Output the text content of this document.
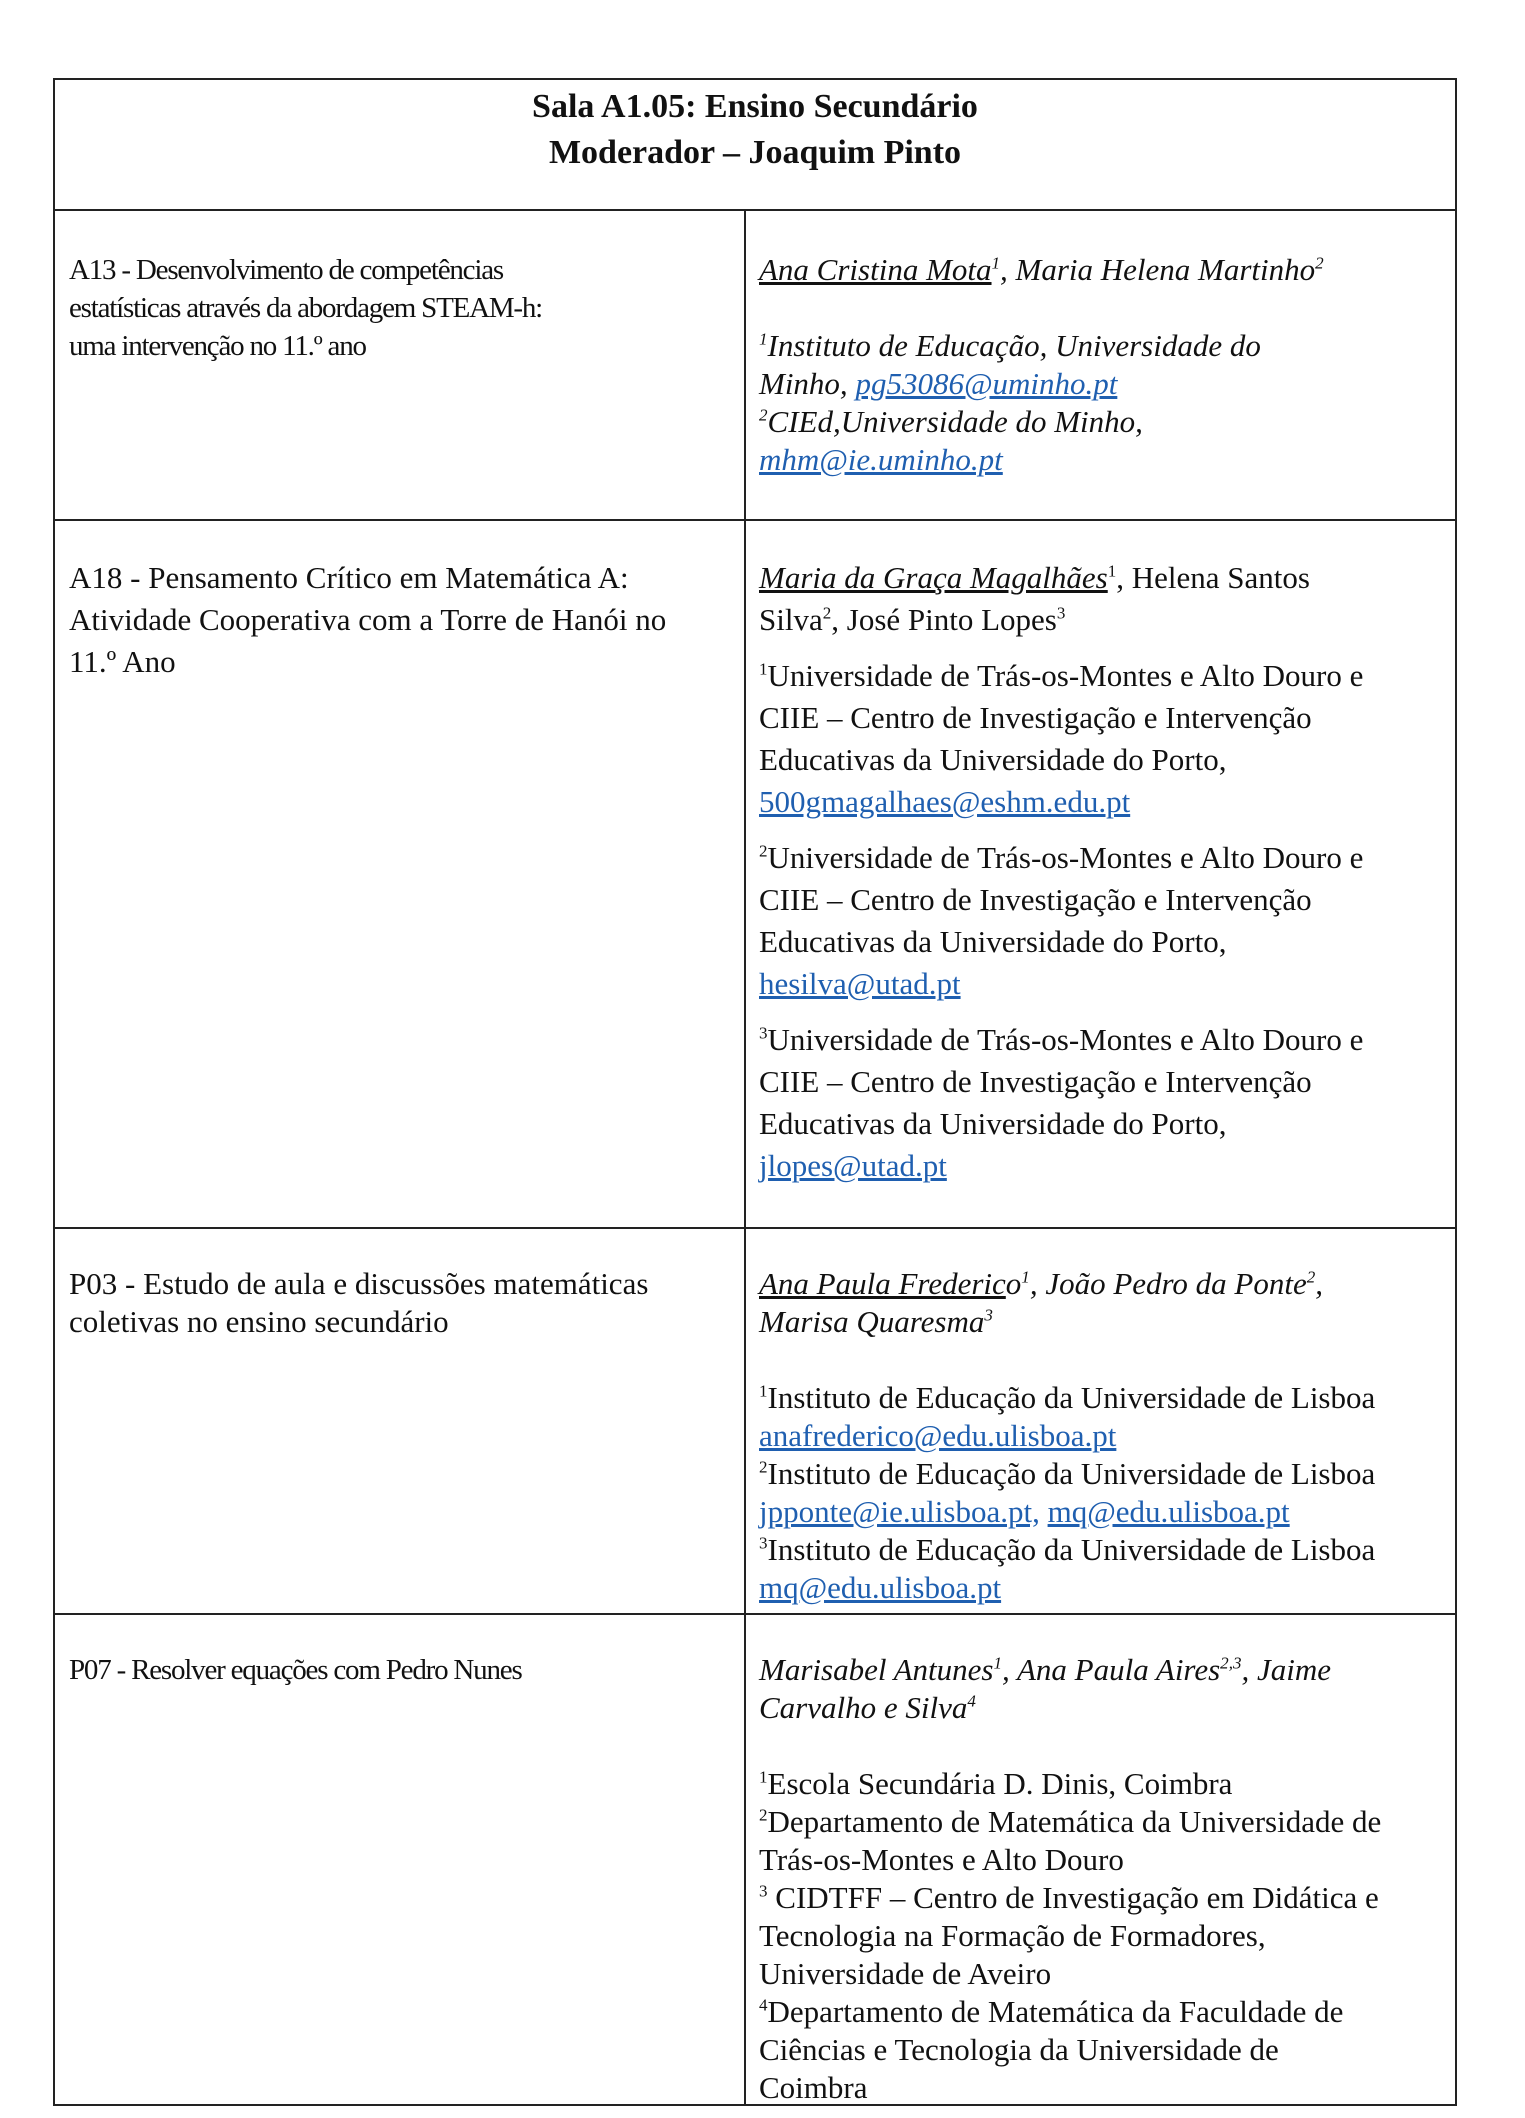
Sala A1.05: Ensino Secundário
Moderador – Joaquim Pinto
A13 - Desenvolvimento de competências
estatísticas através da abordagem STEAM-h:
uma intervenção no 11.º ano
Ana Cristina Mota$^1$, Maria Helena Martinho$^2$
$^1$Instituto de Educação, Universidade do
Minho, pg53086@uminho.pt
$^2$CIEd,Universidade do Minho,
mhm@ie.uminho.pt
A18 - Pensamento Crítico em Matemática A:
Atividade Cooperativa com a Torre de Hanói no
11.º Ano
Maria da Graça Magalhães$^1$, Helena Santos
Silva$^2$, José Pinto Lopes$^3$
$^1$Universidade de Trás-os-Montes e Alto Douro e
CIIE – Centro de Investigação e Intervenção
Educativas da Universidade do Porto,
500gmagalhaes@eshm.edu.pt
$^2$Universidade de Trás-os-Montes e Alto Douro e
CIIE – Centro de Investigação e Intervenção
Educativas da Universidade do Porto,
hesilva@utad.pt
$^3$Universidade de Trás-os-Montes e Alto Douro e
CIIE – Centro de Investigação e Intervenção
Educativas da Universidade do Porto,
jlopes@utad.pt
P03 - Estudo de aula e discussões matemáticas
coletivas no ensino secundário
Ana Paula Frederico$^1$, João Pedro da Ponte$^2$,
Marisa Quaresma$^3$
$^1$Instituto de Educação da Universidade de Lisboa
anafrederico@edu.ulisboa.pt
$^2$Instituto de Educação da Universidade de Lisboa
jpponte@ie.ulisboa.pt, mq@edu.ulisboa.pt
$^3$Instituto de Educação da Universidade de Lisboa
mq@edu.ulisboa.pt
P07 - Resolver equações com Pedro Nunes	Marisabel Antunes$^1$, Ana Paula Aires$^{2,3}$, Jaime
Carvalho e Silva$^4$
$^1$Escola Secundária D. Dinis, Coimbra
$^2$Departamento de Matemática da Universidade de
Trás-os-Montes e Alto Douro
$^3$ CIDTFF – Centro de Investigação em Didática e
Tecnologia na Formação de Formadores,
Universidade de Aveiro
$^4$Departamento de Matemática da Faculdade de
Ciências e Tecnologia da Universidade de
Coimbra
